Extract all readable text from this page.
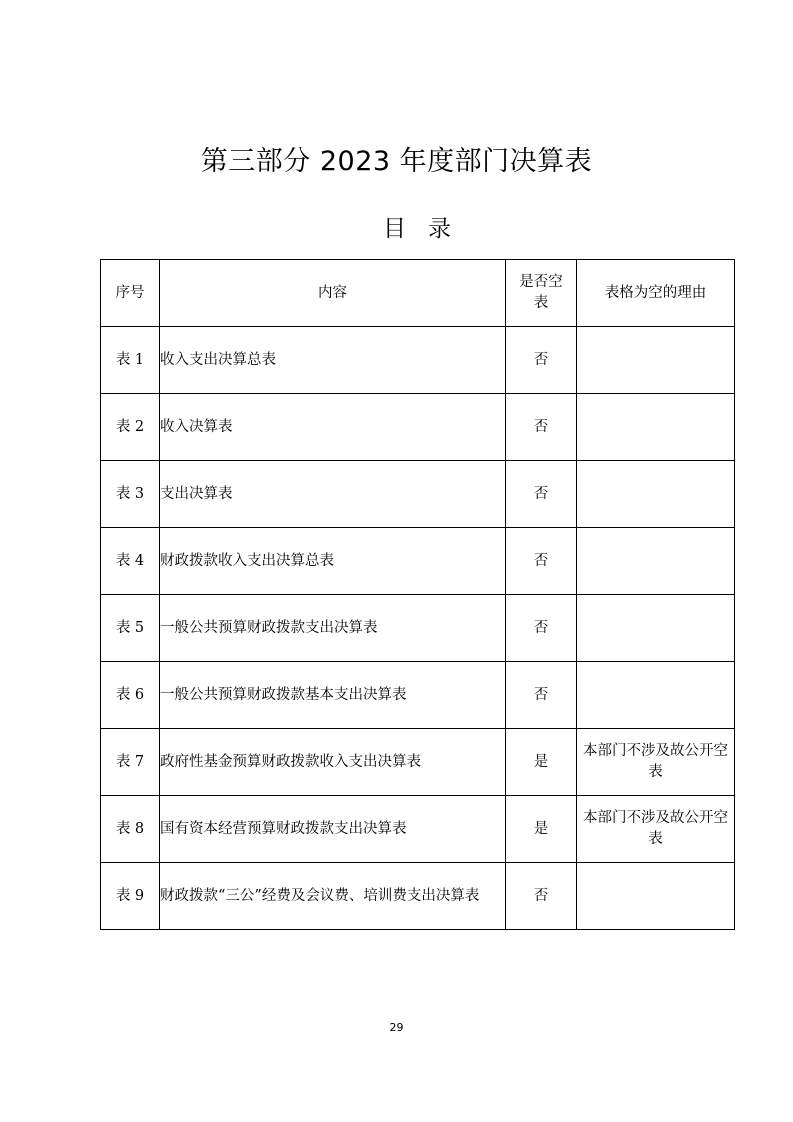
第三部分 2023 年度部门决算表
目   录
序号	内容	是否空表	表格为空的理由
表 1	收入支出决算总表	否	
表 2	收入决算表	否	
表 3	支出决算表	否	
表 4	财政拨款收入支出决算总表	否	
表 5	一般公共预算财政拨款支出决算表	否	
表 6	一般公共预算财政拨款基本支出决算表	否	
表 7	政府性基金预算财政拨款收入支出决算表	是	本部门不涉及故公开空表
表 8	国有资本经营预算财政拨款支出决算表	是	本部门不涉及故公开空表
表 9	财政拨款“三公”经费及会议费、培训费支出决算表	否	
29
